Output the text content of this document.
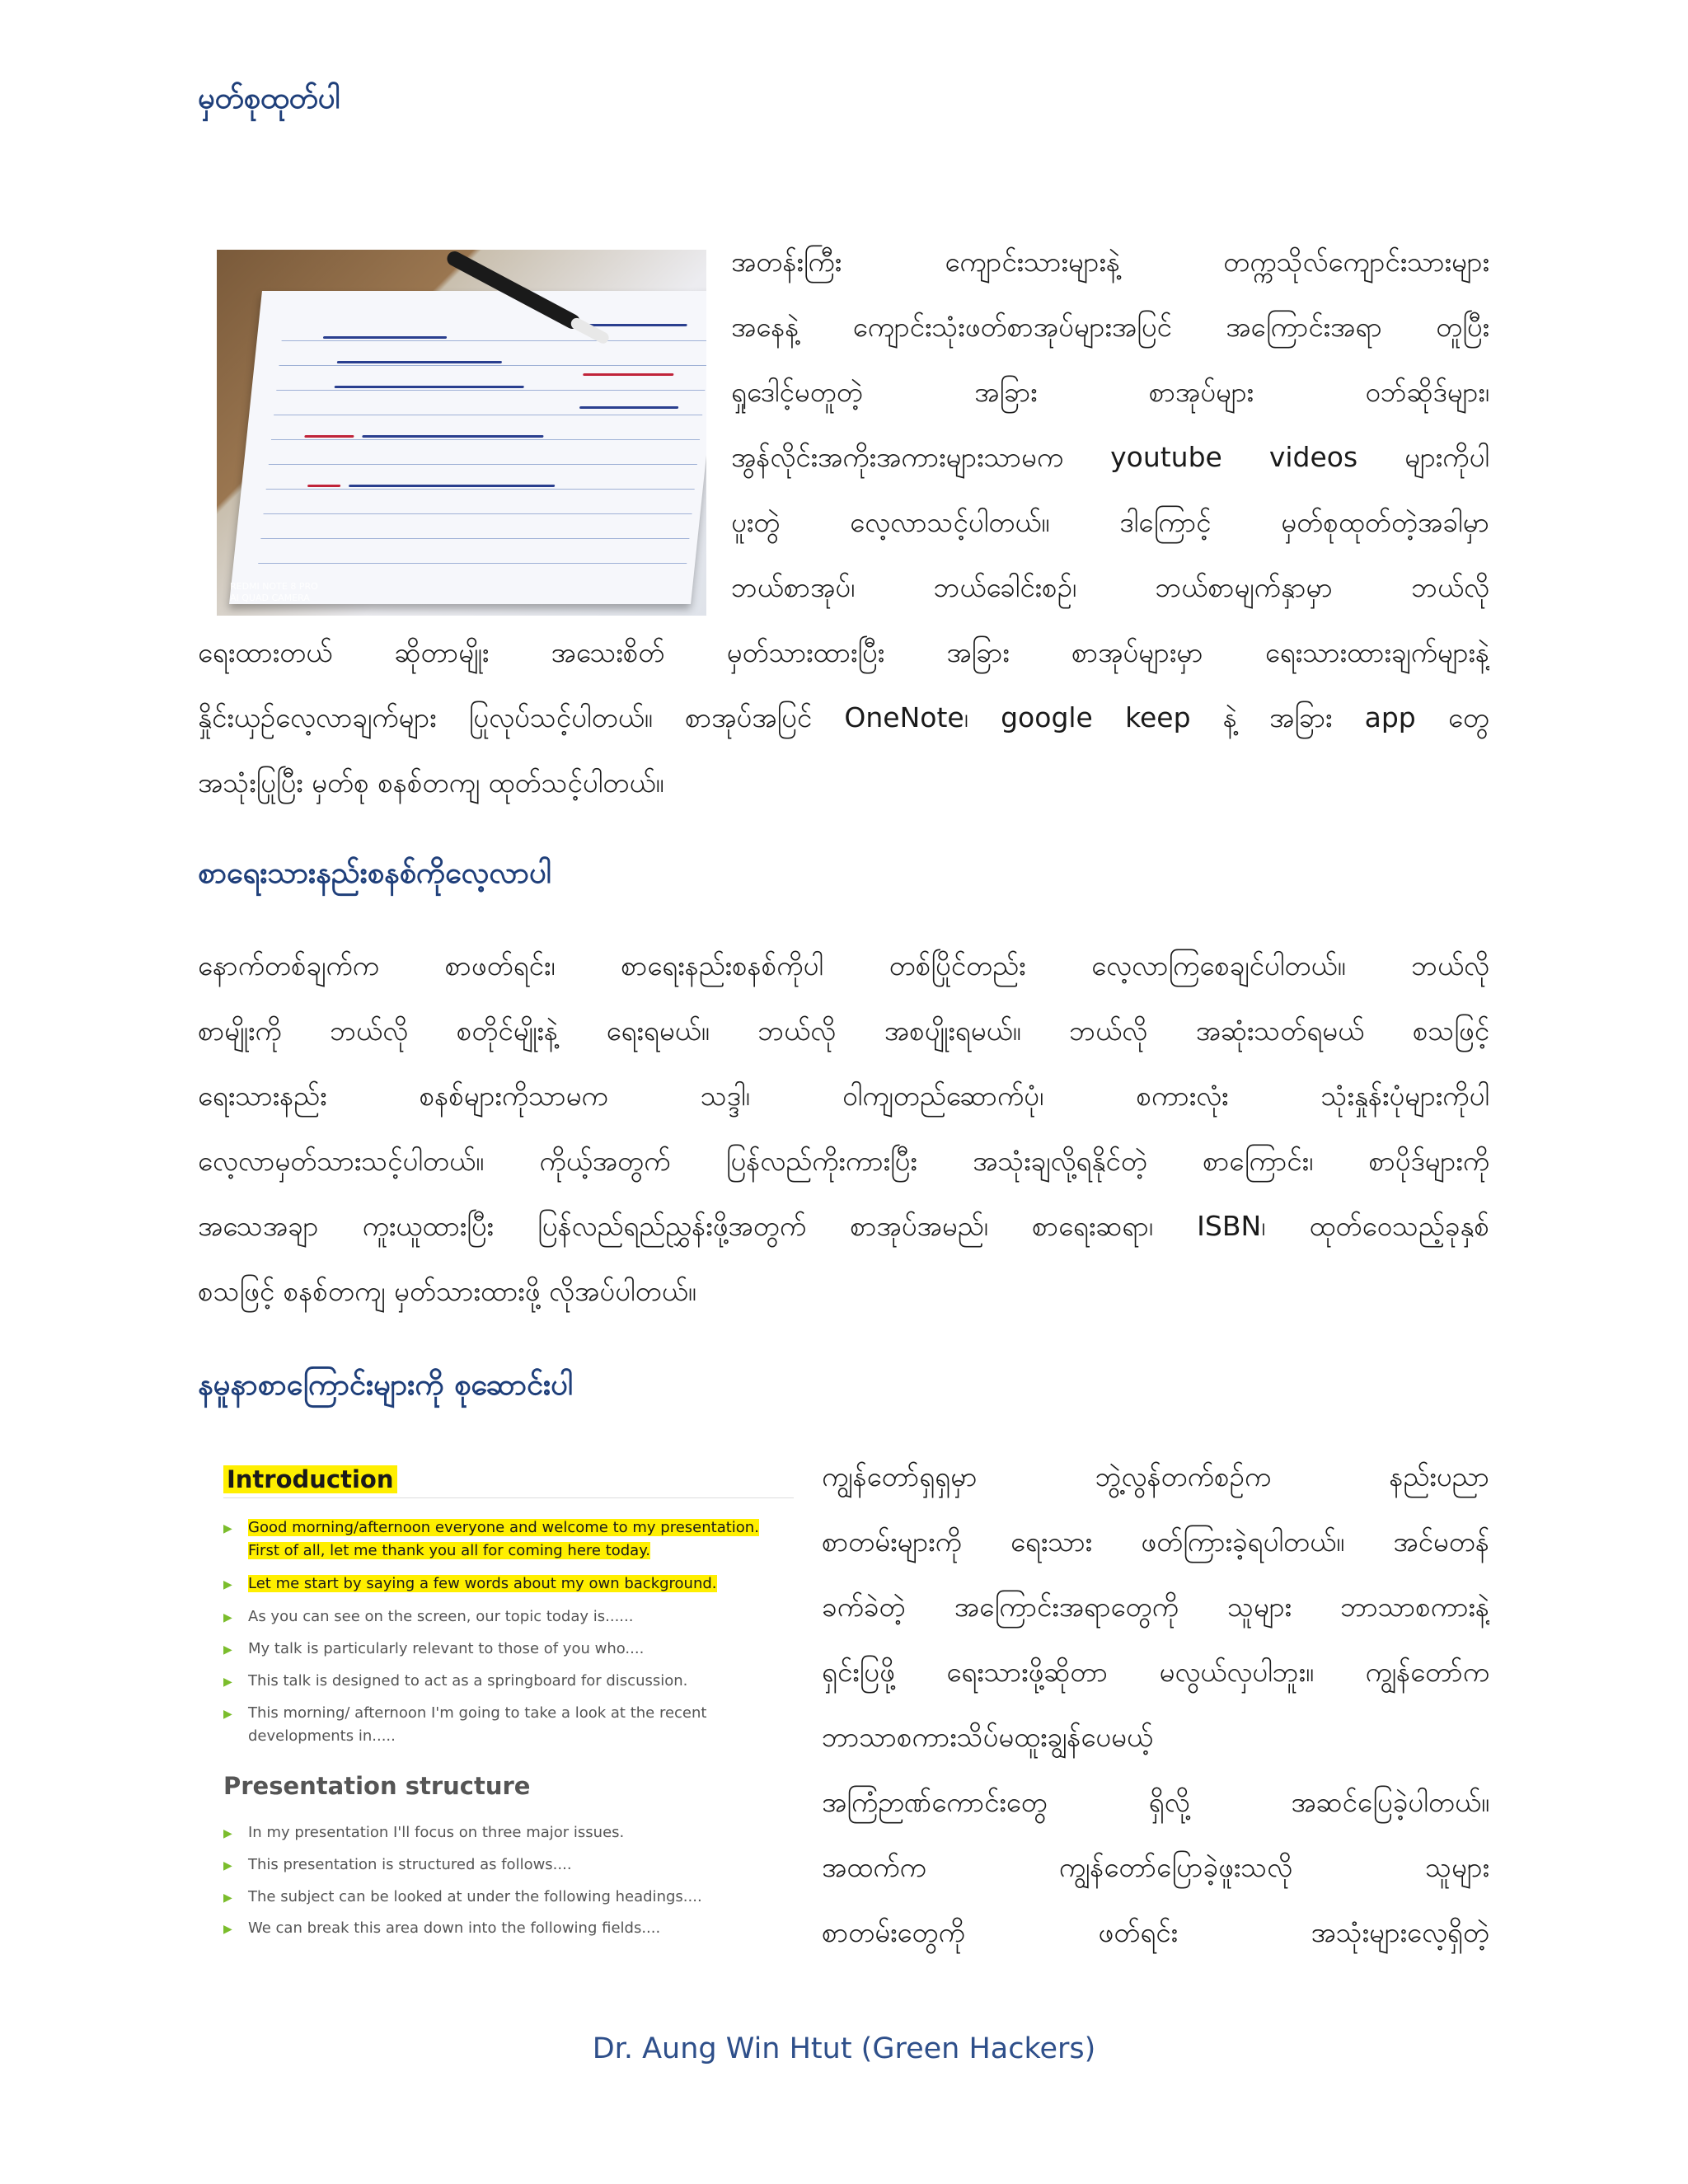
မှတ်စုထုတ်ပါ
REDMI NOTE 8 PRO
AI QUAD CAMERA
အတန်းကြီး ကျောင်းသားများနဲ့ တက္ကသိုလ်ကျောင်းသားများ
အနေနဲ့ ကျောင်းသုံးဖတ်စာအုပ်များအပြင် အကြောင်းအရာ တူပြီး
ရှုဒေါင့်မတူတဲ့ အခြား စာအုပ်များ ဝဘ်ဆိုဒ်များ၊
အွန်လိုင်းအကိုးအကားများသာမက youtube videos များကိုပါ
ပူးတွဲ လေ့လာသင့်ပါတယ်။ ဒါကြောင့် မှတ်စုထုတ်တဲ့အခါမှာ
ဘယ်စာအုပ်၊ ဘယ်ခေါင်းစဉ်၊ ဘယ်စာမျက်နှာမှာ ဘယ်လို
ရေးထားတယ် ဆိုတာမျိုး အသေးစိတ် မှတ်သားထားပြီး အခြား စာအုပ်များမှာ ရေးသားထားချက်များနဲ့
နှိုင်းယှဉ်လေ့လာချက်များ ပြုလုပ်သင့်ပါတယ်။ စာအုပ်အပြင် OneNote၊ google keep နဲ့ အခြား app တွေ
အသုံးပြုပြီး မှတ်စု စနစ်တကျ ထုတ်သင့်ပါတယ်။
စာရေးသားနည်းစနစ်ကိုလေ့လာပါ
နောက်တစ်ချက်က စာဖတ်ရင်း၊ စာရေးနည်းစနစ်ကိုပါ တစ်ပြိုင်တည်း လေ့လာကြစေချင်ပါတယ်။ ဘယ်လို
စာမျိုးကို ဘယ်လို စတိုင်မျိုးနဲ့ ရေးရမယ်။ ဘယ်လို အစပျိုးရမယ်။ ဘယ်လို အဆုံးသတ်ရမယ် စသဖြင့်
ရေးသားနည်း စနစ်များကိုသာမက သဒ္ဒါ၊ ဝါကျတည်ဆောက်ပုံ၊ စကားလုံး သုံးနှုန်းပုံများကိုပါ
လေ့လာမှတ်သားသင့်ပါတယ်။ ကိုယ့်အတွက် ပြန်လည်ကိုးကားပြီး အသုံးချလို့ရနိုင်တဲ့ စာကြောင်း၊ စာပိုဒ်များကို
အသေအချာ ကူးယူထားပြီး ပြန်လည်ရည်ညွှန်းဖို့အတွက် စာအုပ်အမည်၊ စာရေးဆရာ၊ ISBN၊ ထုတ်ဝေသည့်ခုနှစ်
စသဖြင့် စနစ်တကျ မှတ်သားထားဖို့ လိုအပ်ပါတယ်။
နမူနာစာကြောင်းများကို စုဆောင်းပါ
Introduction
▶ Good morning/afternoon everyone and welcome to my presentation. First of all, let me thank you all for coming here today.
▶ Let me start by saying a few words about my own background.
▶ As you can see on the screen, our topic today is......
▶ My talk is particularly relevant to those of you who....
▶ This talk is designed to act as a springboard for discussion.
▶ This morning/ afternoon I'm going to take a look at the recent developments in.....
Presentation structure
▶ In my presentation I'll focus on three major issues.
▶ This presentation is structured as follows....
▶ The subject can be looked at under the following headings....
▶ We can break this area down into the following fields....
ကျွန်တော်ရှရှမှာ ဘွဲ့လွန်တက်စဉ်က နည်းပညာ
စာတမ်းများကို ရေးသား ဖတ်ကြားခဲ့ရပါတယ်။ အင်မတန်
ခက်ခဲတဲ့ အကြောင်းအရာတွေကို သူများ ဘာသာစကားနဲ့
ရှင်းပြဖို့ ရေးသားဖို့ဆိုတာ မလွယ်လှပါဘူး။ ကျွန်တော်က
ဘာသာစကားသိပ်မထူးချွန်ပေမယ့်
အကြံဉာဏ်ကောင်းတွေ ရှိလို့ အဆင်ပြေခဲ့ပါတယ်။
အထက်က ကျွန်တော်ပြောခဲ့ဖူးသလို သူများ
စာတမ်းတွေကို ဖတ်ရင်း အသုံးများလေ့ရှိတဲ့
Dr. Aung Win Htut (Green Hackers)
